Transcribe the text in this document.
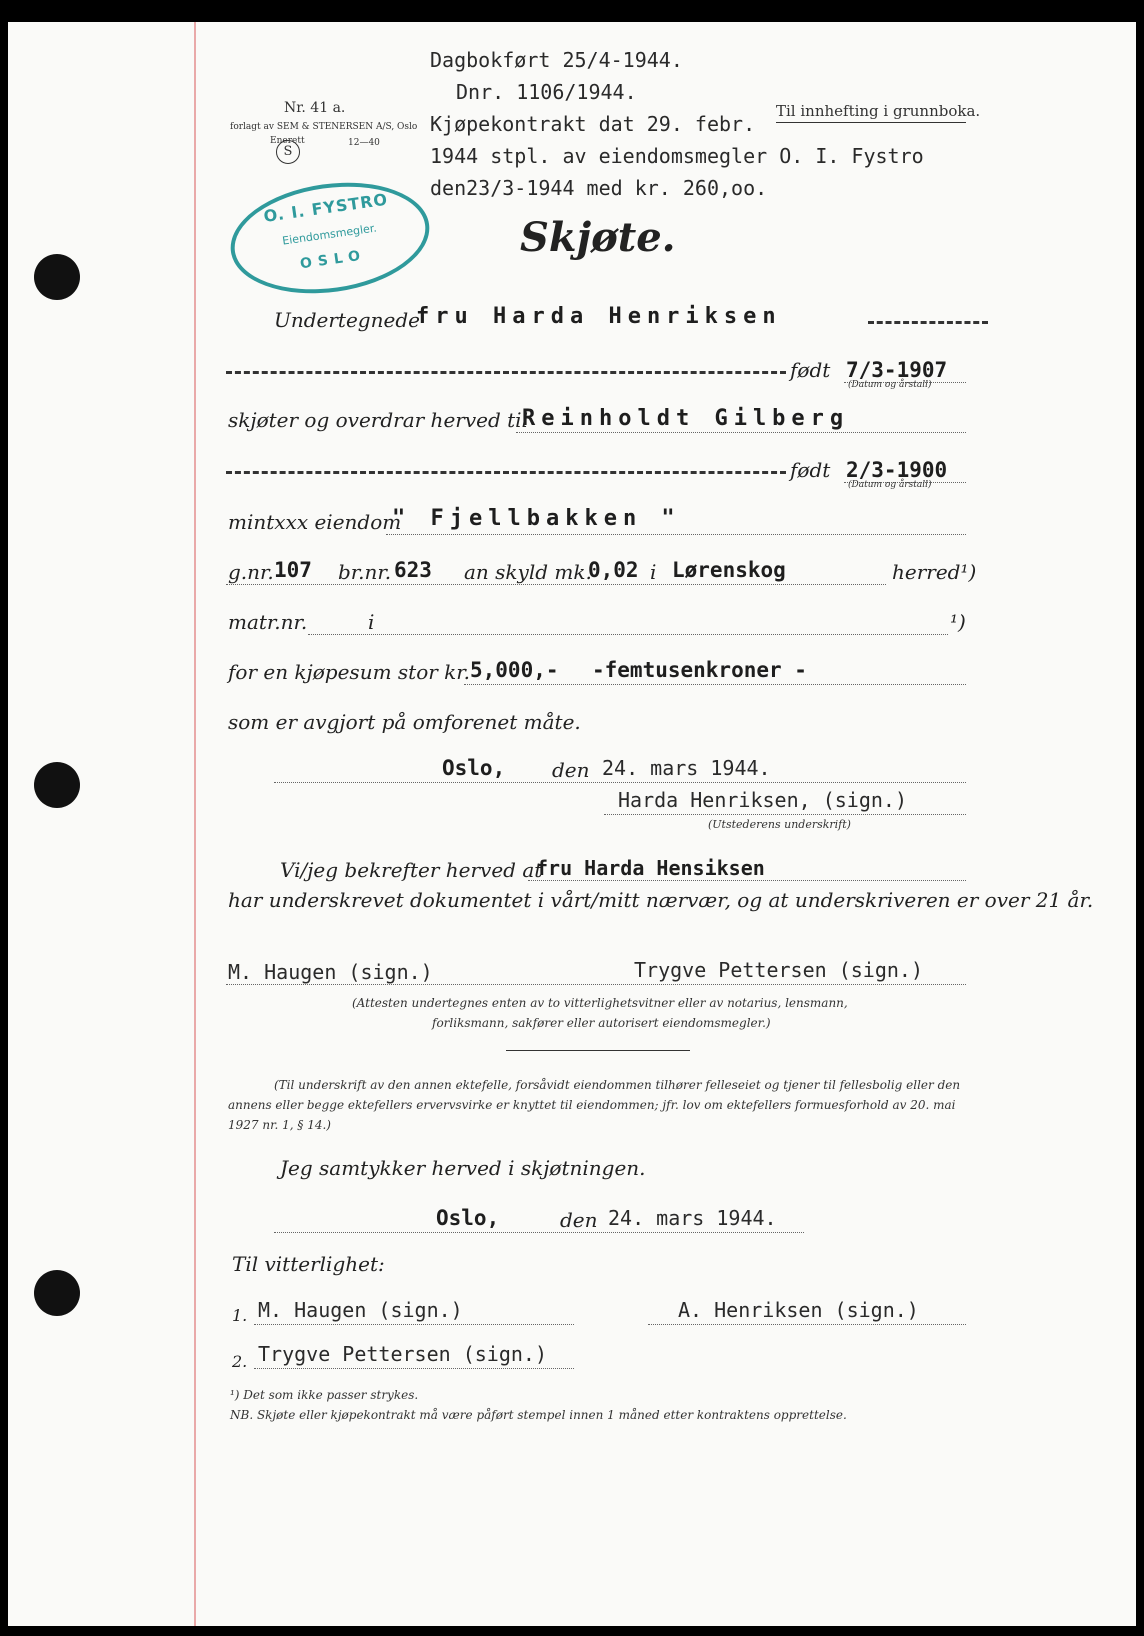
Nr. 41 a.
forlagt av SEM & STENERSEN A/S, Oslo
Enerett
S
12—40
O. I. FYSTRO
Eiendomsmegler.
OSLO
Dagbokført 25/4-1944.
Dnr. 1106/1944.
Kjøpekontrakt dat 29. febr.
1944 stpl. av eiendomsmegler O. I. Fystro
den23/3-1944 med kr. 260,oo.
Til innhefting i grunnboka.
Skjøte.
Undertegnede
fru Harda Henriksen
født 7/3-1907
(Datum og årstall)
skjøter og overdrar herved til
Reinholdt Gilberg
født 2/3-1900
(Datum og årstall)
mintxxx eiendom
" Fjellbakken "
g.nr. 107 br.nr. 623 an skyld mk.
0,02 i Lørenskog	herred¹)
matr.nr.	i	¹)
for en kjøpesum stor kr. 5,000,- -femtusenkroner -
som er avgjort på omforenet måte.
Oslo, den 24. mars 1944.
Harda Henriksen, (sign.)
(Utstederens underskrift)
Vi/jeg bekrefter herved at
fru Harda Hensiksen
har underskrevet dokumentet i vårt/mitt nærvær, og at underskriveren er over 21 år.
M. Haugen (sign.)	Trygve Pettersen (sign.)
(Attesten undertegnes enten av to vitterlighetsvitner eller av notarius, lensmann,
forliksmann, sakfører eller autorisert eiendomsmegler.)
(Til underskrift av den annen ektefelle, forsåvidt eiendommen tilhører felleseiet og tjener til fellesbolig eller den
annens eller begge ektefellers ervervsvirke er knyttet til eiendommen; jfr. lov om ektefellers formuesforhold av 20. mai
1927 nr. 1, § 14.)
Jeg samtykker herved i skjøtningen.
Oslo,	den 24. mars 1944.
Til vitterlighet:
1. M. Haugen (sign.)	A. Henriksen (sign.)
2. Trygve Pettersen (sign.)
¹) Det som ikke passer strykes.
NB. Skjøte eller kjøpekontrakt må være påført stempel innen 1 måned etter kontraktens opprettelse.
